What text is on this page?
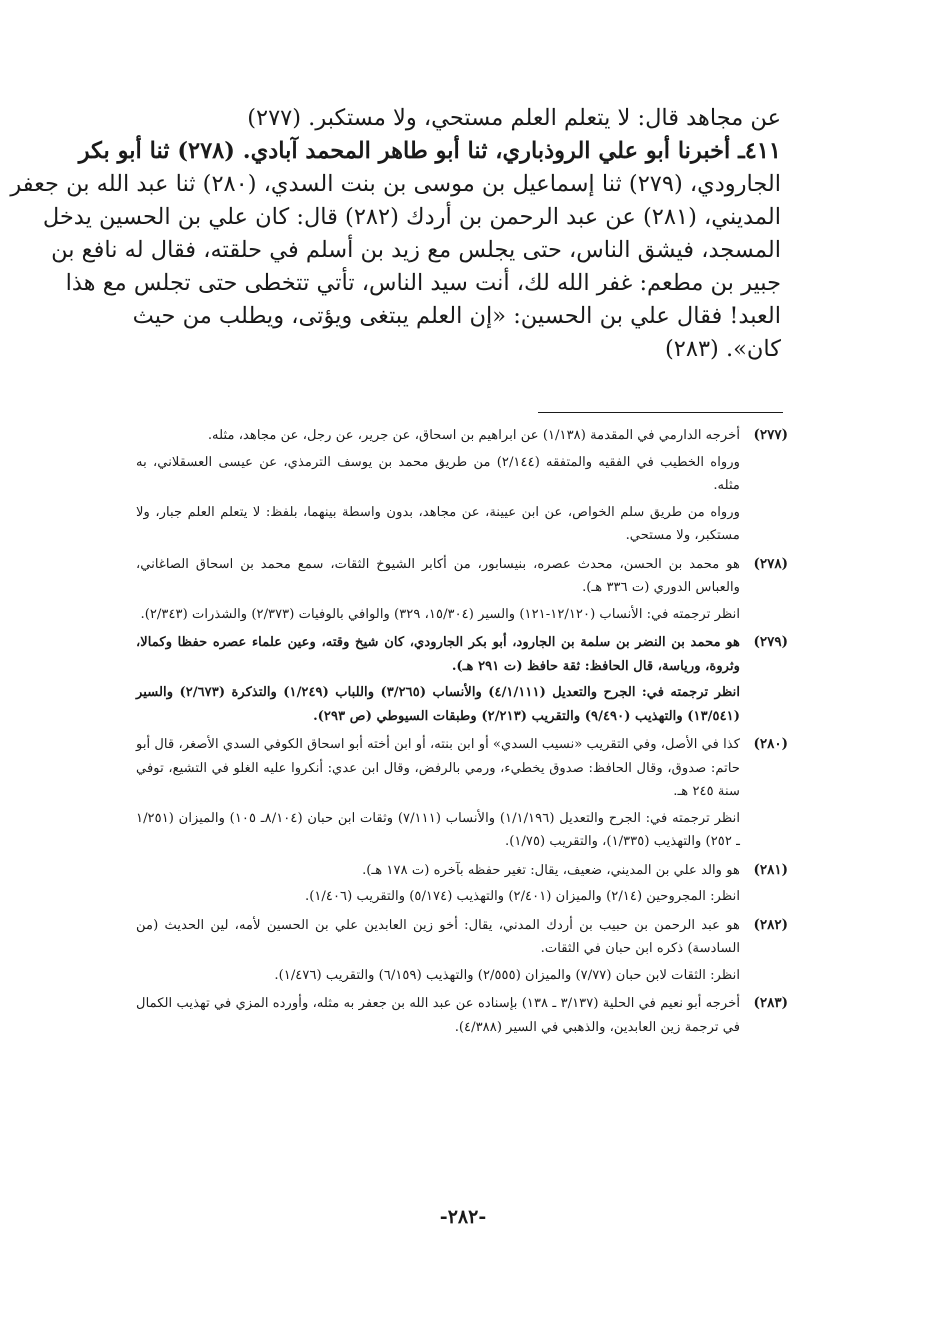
عن مجاهد قال: لا يتعلم العلم مستحي، ولا مستكبر. (٢٧٧)
٤١١ـ أخبرنا أبو علي الروذباري، ثنا أبو طاهر المحمد آبادي. (٢٧٨) ثنا أبو بكر
الجارودي، (٢٧٩) ثنا إسماعيل بن موسى بن بنت السدي، (٢٨٠) ثنا عبد الله بن جعفر
المديني، (٢٨١) عن عبد الرحمن بن أردك (٢٨٢) قال: كان علي بن الحسين يدخل
المسجد، فيشق الناس، حتى يجلس مع زيد بن أسلم في حلقته، فقال له نافع بن
جبير بن مطعم: غفر الله لك، أنت سيد الناس، تأتي تتخطى حتى تجلس مع هذا
العبد! فقال علي بن الحسين: «إن العلم يبتغى ويؤتى، ويطلب من حيث
كان». (٢٨٣)

(٢٧٧)

أخرجه الدارمي في المقدمة (١/١٣٨) عن ابراهيم بن اسحاق، عن جرير، عن رجل، عن مجاهد، مثله.

ورواه الخطيب في الفقيه والمتفقه (٢/١٤٤) من طريق محمد بن يوسف الترمذي، عن عيسى العسقلاني، به مثله.

ورواه من طريق سلم الخواص، عن ابن عيينة، عن مجاهد، بدون واسطة بينهما، بلفظ: لا يتعلم العلم جبار، ولا مستكبر، ولا مستحي.

(٢٧٨)

هو محمد بن الحسن، محدث عصره، بنيسابور، من أكابر الشيوخ الثقات، سمع محمد بن اسحاق الصاغاني، والعباس الدوري (ت ٣٣٦ هـ).

انظر ترجمته في: الأنساب (١٢/١٢٠-١٢١) والسير (١٥/٣٠٤، ٣٢٩) والوافي بالوفيات (٢/٣٧٣) والشذرات (٢/٣٤٣).

(٢٧٩)

هو محمد بن النضر بن سلمة بن الجارود، أبو بكر الجارودي، كان شيخ وقته، وعين علماء عصره حفظا وكمالا، وثروة، ورياسة، قال الحافظ: ثقة حافظ (ت ٢٩١ هـ).

انظر ترجمته في: الجرح والتعديل (٤/١/١١١) والأنساب (٣/٢٦٥) واللباب (١/٢٤٩) والتذكرة (٢/٦٧٣) والسير (١٣/٥٤١) والتهذيب (٩/٤٩٠) والتقريب (٢/٢١٣) وطبقات السيوطي (ص ٢٩٣).

(٢٨٠)

كذا في الأصل، وفي التقريب «نسيب السدي» أو ابن بنته، أو ابن أخته أبو اسحاق الكوفي السدي الأصغر، قال أبو حاتم: صدوق، وقال الحافظ: صدوق يخطيء، ورمي بالرفض، وقال ابن عدي: أنكروا عليه الغلو في التشيع، توفي سنة ٢٤٥ هـ.

انظر ترجمته في: الجرح والتعديل (١/١/١٩٦) والأنساب (٧/١١١) وثقات ابن حبان (٨/١٠٤ـ ١٠٥) والميزان (١/٢٥١ ـ ٢٥٢) والتهذيب (١/٣٣٥)، والتقريب (١/٧٥).

(٢٨١)

هو والد علي بن المديني، ضعيف، يقال: تغير حفظه بآخره (ت ١٧٨ هـ).

انظر: المجروحين (٢/١٤) والميزان (٢/٤٠١) والتهذيب (٥/١٧٤) والتقريب (١/٤٠٦).

(٢٨٢)

هو عبد الرحمن بن حبيب بن أردك المدني، يقال: أخو زين العابدين علي بن الحسين لأمه، لين الحديث (من السادسة) ذكره ابن حبان في الثقات.

انظر: الثقات لابن حبان (٧/٧٧) والميزان (٢/٥٥٥) والتهذيب (٦/١٥٩) والتقريب (١/٤٧٦).

(٢٨٣)

أخرجه أبو نعيم في الحلية (٣/١٣٧ ـ ١٣٨) بإسناده عن عبد الله بن جعفر به مثله، وأورده المزي في تهذيب الكمال في ترجمة زين العابدين، والذهبي في السير (٤/٣٨٨).

-٢٨٢-
